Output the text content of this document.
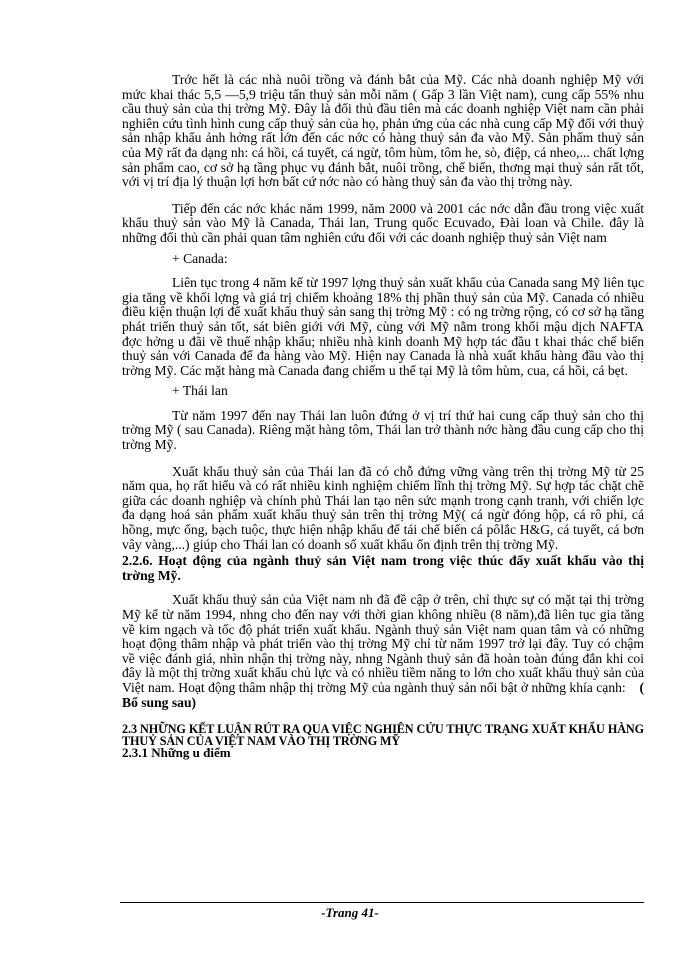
Trớc hết là các nhà nuôi trồng và đánh bắt của Mỹ. Các nhà doanh nghiệp Mỹ với mức khai thác 5,5 —5,9 triệu tấn thuỷ sản mỗi năm ( Gấp 3 lần Việt nam), cung cấp 55% nhu cầu thuỷ sản của thị trờng Mỹ. Đây là đối thủ đầu tiên mà các doanh nghiệp Việt nam cần phải nghiên cứu tình hình cung cấp thuỷ sản của họ, phản ứng của các nhà cung cấp Mỹ đối với thuỷ sản nhập khẩu ảnh hởng rất lớn đến các nớc có hàng thuỷ sản đa vào Mỹ. Sản phẩm thuỷ sản của Mỹ rất đa dạng nh: cá hồi, cá tuyết, cá ngừ, tôm hùm, tôm he, sò, điệp, cá nheo,... chất lợng sản phẩm cao, cơ sở hạ tầng phục vụ đánh bắt, nuôi trồng, chế biến, thơng mại thuỷ sản rất tốt, với vị trí địa lý thuận lợi hơn bất cứ nớc nào có hàng thuỷ sản đa vào thị trờng này.

Tiếp đến các nớc khác năm 1999, năm 2000 và 2001 các nớc dẫn đầu trong việc xuất khẩu thuỷ sản vào Mỹ là Canada, Thái lan, Trung quốc Ecuvado, Đài loan và Chile. đây là những đối thủ cần phải quan tâm nghiên cứu đối với các doanh nghiệp thuỷ sản Việt nam

+ Canada:

Liên tục trong 4 năm kể từ 1997 lợng thuỷ sản xuất khẩu của Canada sang Mỹ liên tục gia tăng về khối lợng và giá trị chiếm khoảng 18% thị phần thuỷ sản của Mỹ. Canada có nhiều điều kiện thuận lợi để xuất khẩu thuỷ sản sang thị trờng Mỹ : có ng trờng rộng, có cơ sở hạ tầng phát triển thuỷ sản tốt, sát biên giới với Mỹ, cùng với Mỹ nằm trong khối mậu dịch NAFTA đợc hởng u đãi về thuế nhập khẩu; nhiều nhà kinh doanh Mỹ hợp tác đầu t khai thác chế biến thuỷ sản với Canada để đa hàng vào Mỹ. Hiện nay Canada là nhà xuất khẩu hàng đầu vào thị trờng Mỹ. Các mặt hàng mà Canada đang chiếm u thế tại Mỹ là tôm hùm, cua, cá hồi, cá bẹt.

+ Thái lan

Từ năm 1997 đến nay Thái lan luôn đứng ở vị trí thứ hai cung cấp thuỷ sản cho thị trờng Mỹ ( sau Canada). Riêng mặt hàng tôm, Thái lan trở thành nớc hàng đầu cung cấp cho thị trờng Mỹ.

Xuất khẩu thuỷ sản của Thái lan đã có chỗ đứng vững vàng trên thị trờng Mỹ từ 25 năm qua, họ rất hiểu và có rất nhiều kinh nghiệm chiếm lĩnh thị trờng Mỹ. Sự hợp tác chặt chẽ giữa các doanh nghiệp và chính phủ Thái lan tạo nên sức mạnh trong cạnh tranh, với chiến lợc đa dạng hoá sản phẩm xuất khẩu thuỷ sản trên thị trờng Mỹ( cá ngừ đóng hộp, cá rô phi, cá hồng, mực ống, bạch tuộc, thực hiện nhập khẩu để tái chế biến cá pôlắc H&G, cá tuyết, cá bơn vây vàng,...) giúp cho Thái lan có doanh số xuất khẩu ổn định trên thị trờng Mỹ.

2.2.6. Hoạt động của ngành thuỷ sản Việt nam trong việc thúc đẩy xuất khẩu vào thị trờng Mỹ.

Xuất khẩu thuỷ sản của Việt nam nh đã đề cập ở trên, chỉ thực sự có mặt tại thị trờng Mỹ kể từ năm 1994, nhng cho đến nay với thời gian không nhiều (8 năm),đã liên tục gia tăng về kim ngạch và tốc độ phát triển xuất khẩu. Ngành thuỷ sản Việt nam quan tâm và có những hoạt động thâm nhập và phát triển vào thị trờng Mỹ chỉ từ năm 1997 trở lại đây. Tuy có chậm về việc đánh giá, nhìn nhận thị trờng này, nhng Ngành thuỷ sản đã hoàn toàn đúng đắn khi coi đây là một thị trờng xuất khẩu chủ lực và có nhiều tiềm năng to lớn cho xuất khẩu thuỷ sản của Việt nam. Hoạt động thâm nhập thị trờng Mỹ của ngành thuỷ sản nổi bật ở những khía cạnh: ( Bổ sung sau)

2.3 NHỮNG KẾT LUẬN RÚT RA QUA VIỆC NGHIÊN CỨU THỰC TRẠNG XUẤT KHẨU HÀNG THUỶ SẢN CỦA VIỆT NAM VÀO THỊ TRỜNG MỸ

2.3.1 Những u điểm

-Trang 41-
